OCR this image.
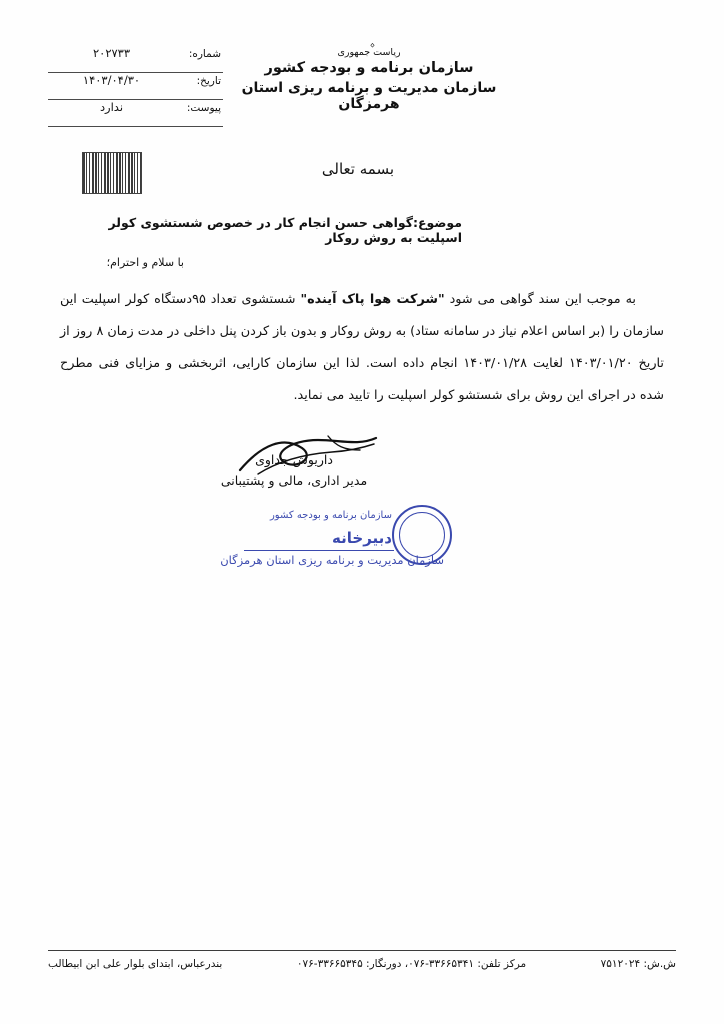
ریاست جمهوری
سازمان برنامه و بودجه کشور
سازمان مدیریت و برنامه ریزی استان هرمزگان
شماره:
۲۰۲۷۳۳
تاریخ:
۱۴۰۳/۰۴/۳۰
پیوست:
ندارد
بسمه تعالی
موضوع:گواهی حسن انجام کار در خصوص شستشوی کولر اسپلیت به روش روکار
با سلام و احترام؛

به موجب این سند گواهی می شود "شرکت هوا پاک آینده" شستشوی تعداد ۹۵دستگاه کولر اسپلیت این سازمان را (بر اساس اعلام نیاز در سامانه ستاد) به روش روکار و بدون باز کردن پنل داخلی در مدت زمان ۸ روز از تاریخ ۱۴۰۳/۰۱/۲۰ لغایت ۱۴۰۳/۰۱/۲۸ انجام داده است. لذا این سازمان کارایی، اثربخشی و مزایای فنی مطرح شده در اجرای این روش برای شستشو کولر اسپلیت را تایید می نماید.

داریوش جداوی
مدیر اداری، مالی و پشتیبانی
سازمان برنامه و بودجه کشور
دبیرخانه
سازمان مدیریت و برنامه ریزی استان هرمزگان
بندرعباس، ابتدای بلوار علی ابن ابیطالب	مرکز تلفن: ۳۳۶۶۵۳۴۱-۰۷۶، دورنگار: ۳۳۶۶۵۳۴۵-۰۷۶	ش.ش: ۷۵۱۲۰۲۴
